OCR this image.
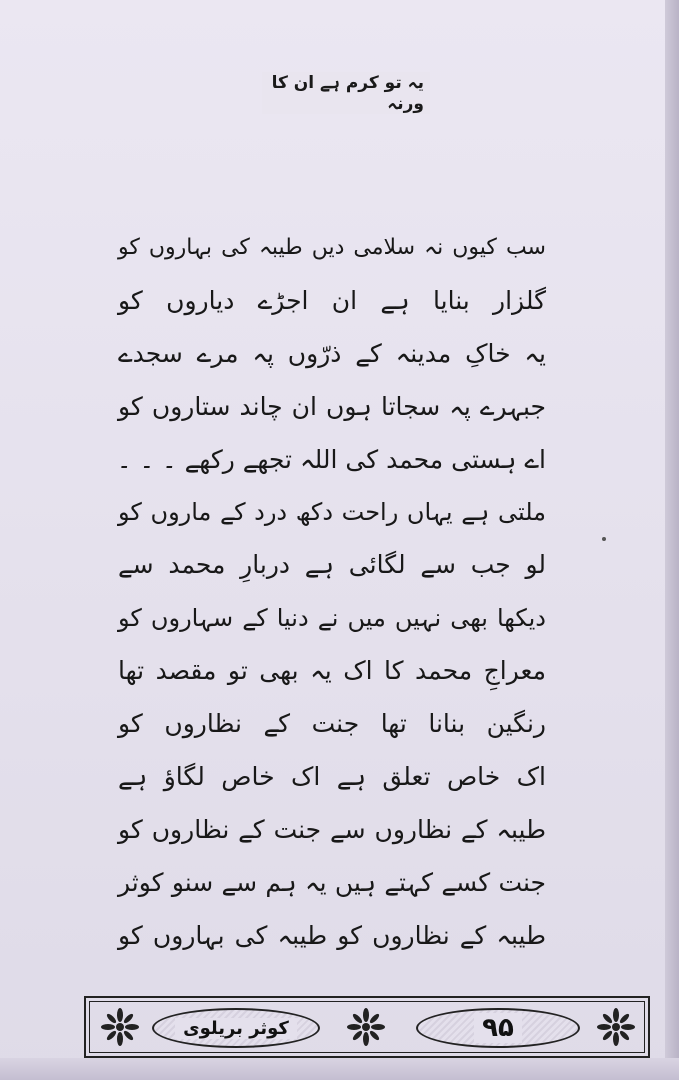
یہ تو کرم ہے ان کا ورنہ
سب کیوں نہ سلامی دیں طیبہ کی بہاروں کو
گلزار بنایا ہے ان اجڑے دیاروں کو
یہ خاکِ مدینہ کے ذرّوں پہ مرے سجدے
جبہرے پہ سجاتا ہوں ان چاند ستاروں کو
اے ہستی محمد کی اللہ تجھے رکھے ۔ ۔ ۔
ملتی ہے یہاں راحت دکھ درد کے ماروں کو
لو جب سے لگائی ہے دربارِ محمد سے
دیکھا بھی نہیں میں نے دنیا کے سہاروں کو
معراجِ محمد کا اک یہ بھی تو مقصد تھا
رنگین بنانا تھا جنت کے نظاروں کو
اک خاص تعلق ہے اک خاص لگاؤ ہے
طیبہ کے نظاروں سے جنت کے نظاروں کو
جنت کسے کہتے ہیں یہ ہم سے سنو کوثر
طیبہ کے نظاروں کو طیبہ کی بہاروں کو
کوثر بریلوی	۹۵
